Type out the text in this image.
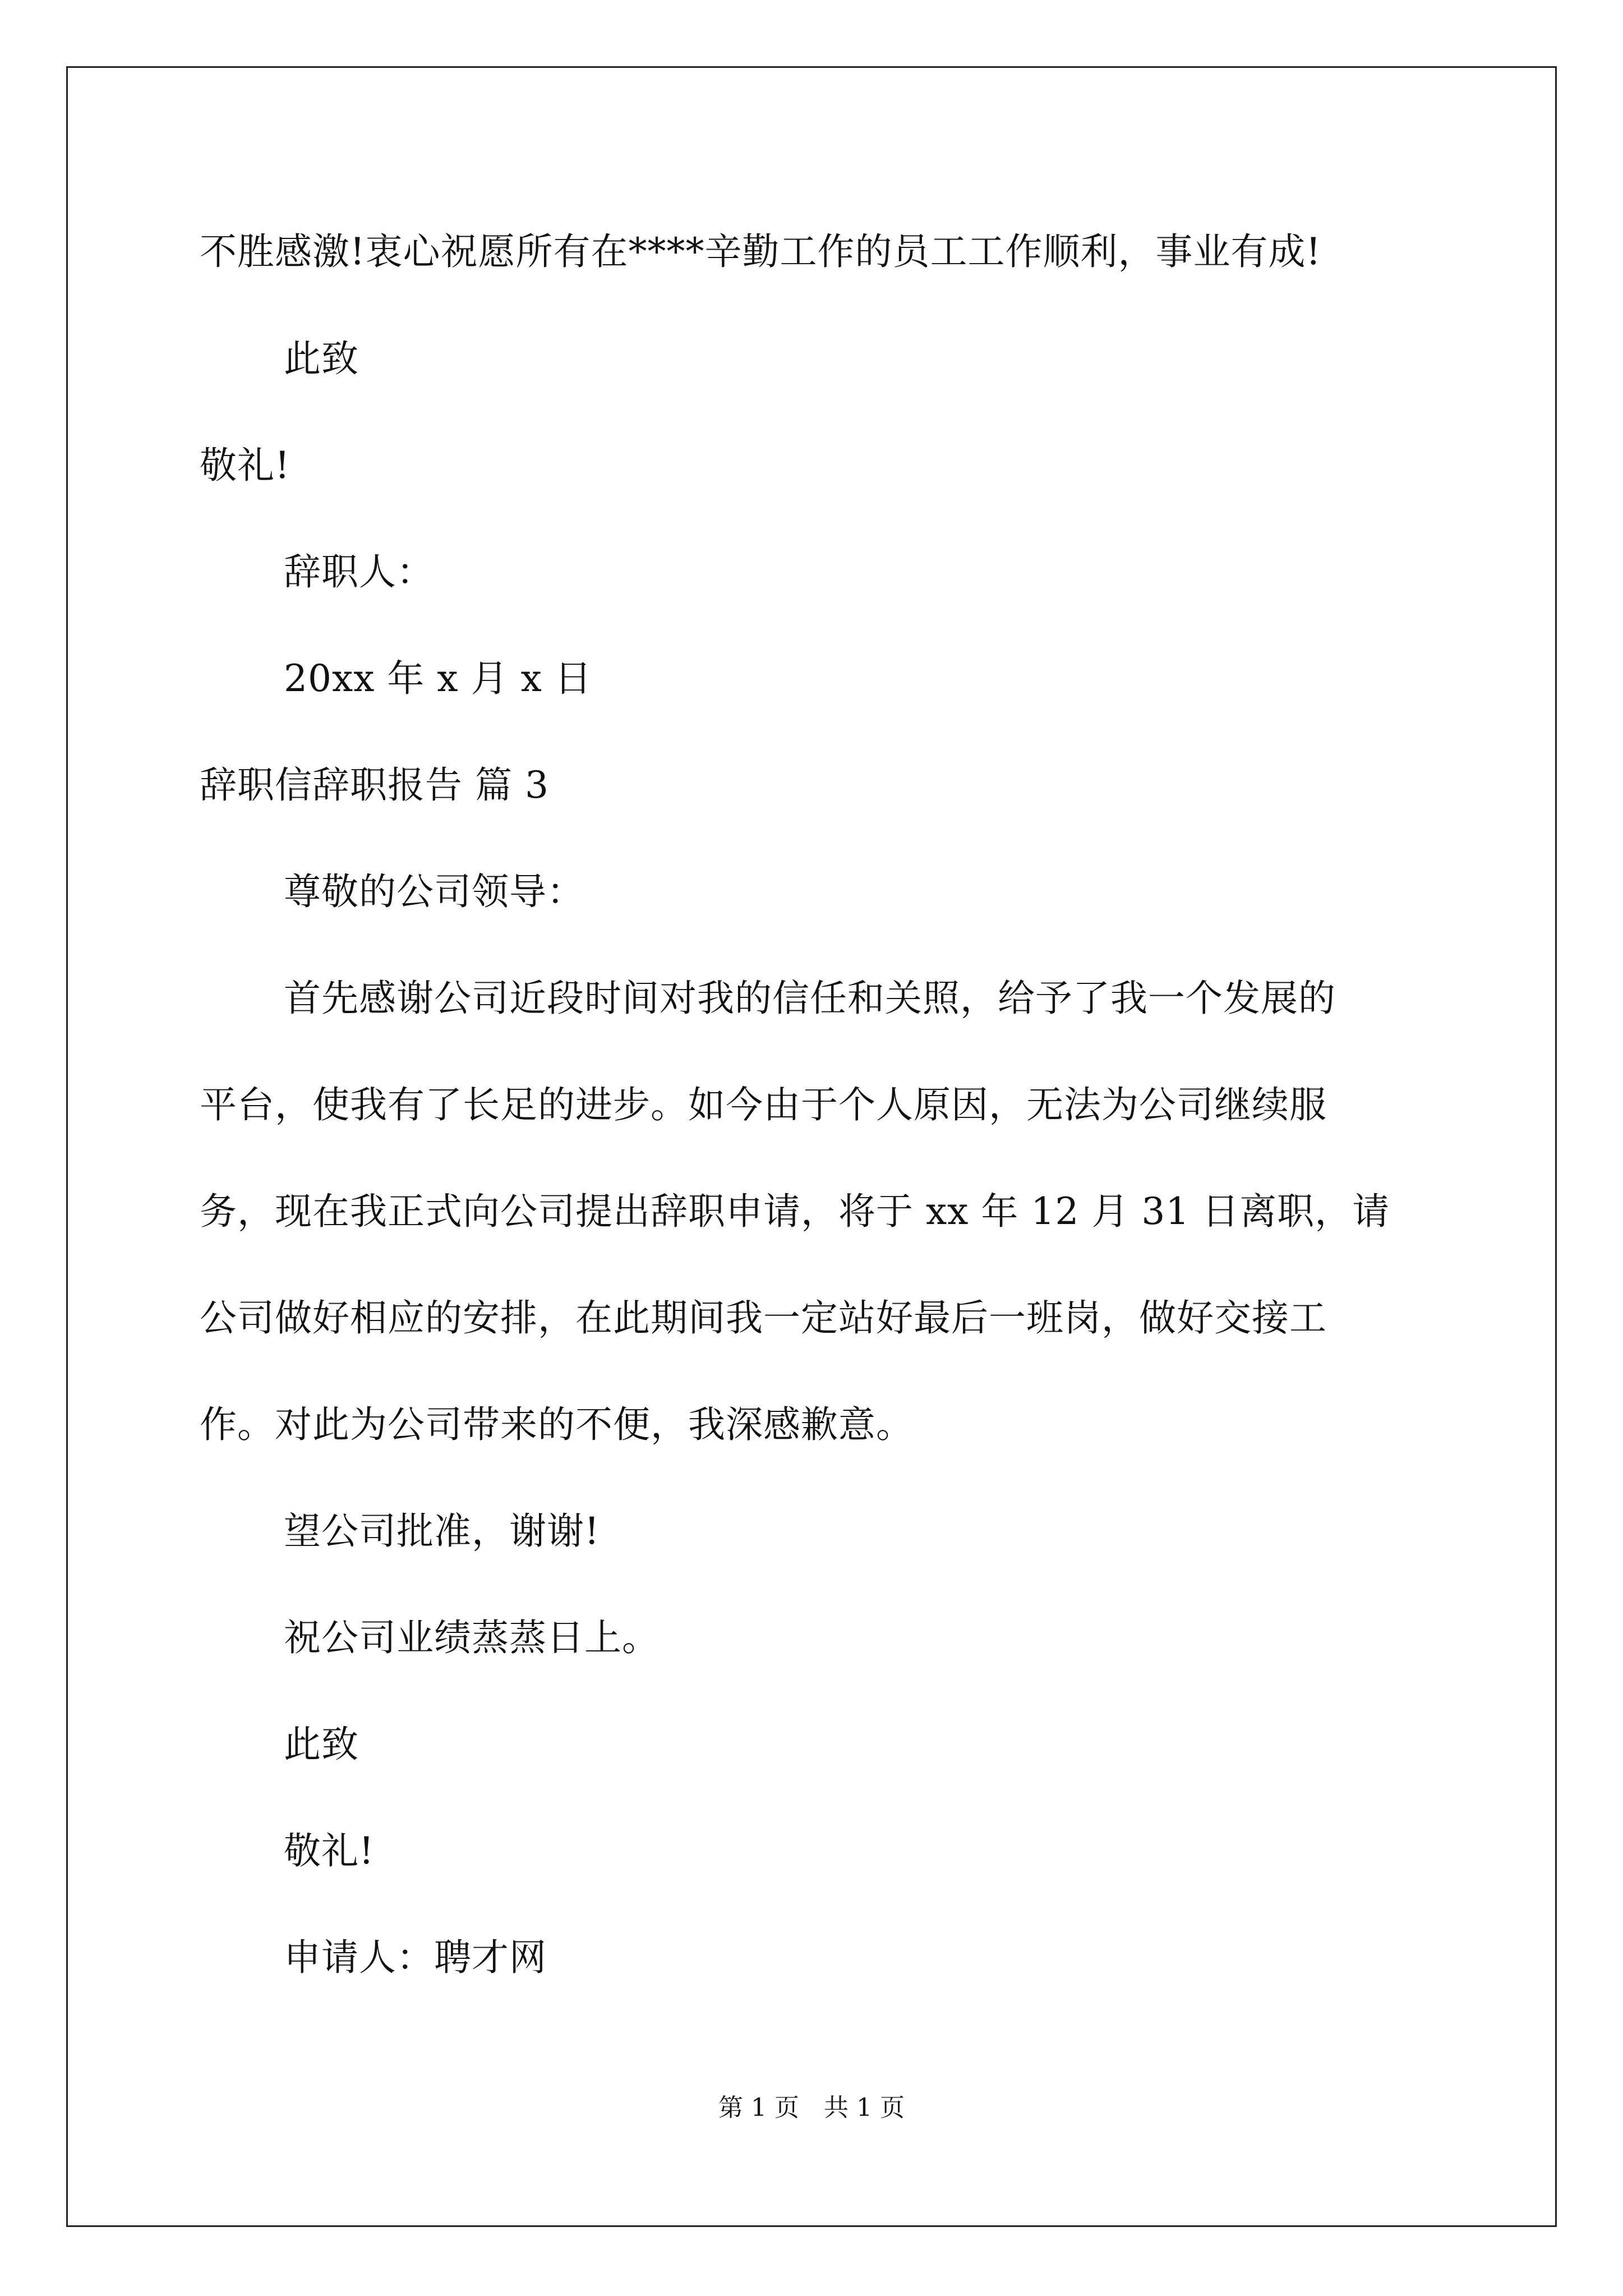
不胜感激!衷心祝愿所有在****辛勤工作的员工工作顺利，事业有成!
此致
敬礼!
辞职人：
20xx 年 x 月 x 日
辞职信辞职报告 篇 3
尊敬的公司领导：
首先感谢公司近段时间对我的信任和关照，给予了我一个发展的
平台，使我有了长足的进步。如今由于个人原因，无法为公司继续服
务，现在我正式向公司提出辞职申请，将于 xx 年 12 月 31 日离职，请
公司做好相应的安排，在此期间我一定站好最后一班岗，做好交接工
作。对此为公司带来的不便，我深感歉意。
望公司批准，谢谢!
祝公司业绩蒸蒸日上。
此致
敬礼!
申请人：聘才网
第 1 页　共 1 页
